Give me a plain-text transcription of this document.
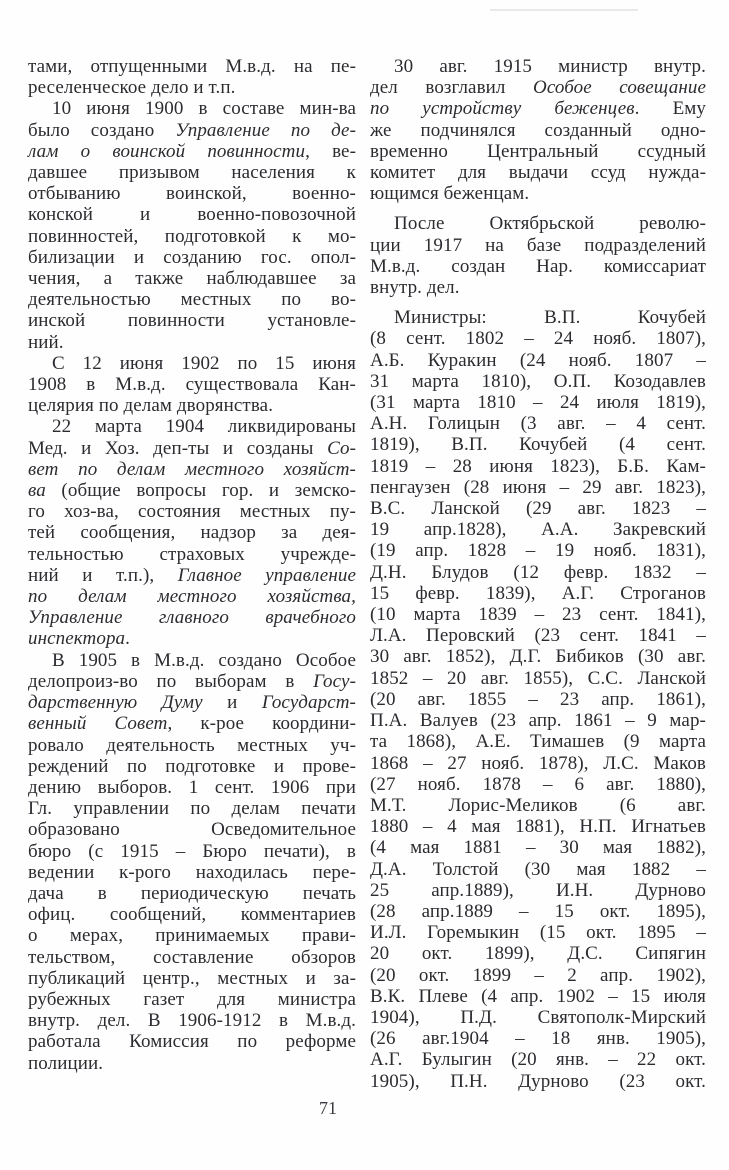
тами, отпущенными М.в.д. на пе-
реселенческое дело и т.п.
10 июня 1900 в составе мин-ва
было создано Управление по де-
лам о воинской повинности, ве-
давшее призывом населения к
отбыванию воинской, военно-
конской и военно-повозочной
повинностей, подготовкой к мо-
билизации и созданию гос. опол-
чения, а также наблюдавшее за
деятельностью местных по во-
инской повинности установле-
ний.
С 12 июня 1902 по 15 июня
1908 в М.в.д. существовала Кан-
целярия по делам дворянства.
22 марта 1904 ликвидированы
Мед. и Хоз. деп-ты и созданы Со-
вет по делам местного хозяйст-
ва (общие вопросы гор. и земско-
го хоз-ва, состояния местных пу-
тей сообщения, надзор за дея-
тельностью страховых учрежде-
ний и т.п.), Главное управление
по делам местного хозяйства,
Управление главного врачебного
инспектора.
В 1905 в М.в.д. создано Особое
делопроиз-во по выборам в Госу-
дарственную Думу и Государст-
венный Совет, к-рое координи-
ровало деятельность местных уч-
реждений по подготовке и прове-
дению выборов. 1 сент. 1906 при
Гл. управлении по делам печати
образовано Осведомительное
бюро (с 1915 – Бюро печати), в
ведении к-рого находилась пере-
дача в периодическую печать
офиц. сообщений, комментариев
о мерах, принимаемых прави-
тельством, составление обзоров
публикаций центр., местных и за-
рубежных газет для министра
внутр. дел. В 1906-1912 в М.в.д.
работала Комиссия по реформе
полиции.
30 авг. 1915 министр внутр.
дел возглавил Особое совещание
по устройству беженцев. Ему
же подчинялся созданный одно-
временно Центральный ссудный
комитет для выдачи ссуд нужда-
ющимся беженцам.
После Октябрьской револю-
ции 1917 на базе подразделений
М.в.д. создан Нар. комиссариат
внутр. дел.
Министры: В.П. Кочубей
(8 сент. 1802 – 24 нояб. 1807),
А.Б. Куракин (24 нояб. 1807 –
31 марта 1810), О.П. Козодавлев
(31 марта 1810 – 24 июля 1819),
А.Н. Голицын (3 авг. – 4 сент.
1819), В.П. Кочубей (4 сент.
1819 – 28 июня 1823), Б.Б. Кам-
пенгаузен (28 июня – 29 авг. 1823),
В.С. Ланской (29 авг. 1823 –
19 апр.1828), А.А. Закревский
(19 апр. 1828 – 19 нояб. 1831),
Д.Н. Блудов (12 февр. 1832 –
15 февр. 1839), А.Г. Строганов
(10 марта 1839 – 23 сент. 1841),
Л.А. Перовский (23 сент. 1841 –
30 авг. 1852), Д.Г. Бибиков (30 авг.
1852 – 20 авг. 1855), С.С. Ланской
(20 авг. 1855 – 23 апр. 1861),
П.А. Валуев (23 апр. 1861 – 9 мар-
та 1868), А.Е. Тимашев (9 марта
1868 – 27 нояб. 1878), Л.С. Маков
(27 нояб. 1878 – 6 авг. 1880),
М.Т. Лорис-Меликов (6 авг.
1880 – 4 мая 1881), Н.П. Игнатьев
(4 мая 1881 – 30 мая 1882),
Д.А. Толстой (30 мая 1882 –
25 апр.1889), И.Н. Дурново
(28 апр.1889 – 15 окт. 1895),
И.Л. Горемыкин (15 окт. 1895 –
20 окт. 1899), Д.С. Сипягин
(20 окт. 1899 – 2 апр. 1902),
В.К. Плеве (4 апр. 1902 – 15 июля
1904), П.Д. Святополк-Мирский
(26 авг.1904 – 18 янв. 1905),
А.Г. Булыгин (20 янв. – 22 окт.
1905), П.Н. Дурново (23 окт.
71
